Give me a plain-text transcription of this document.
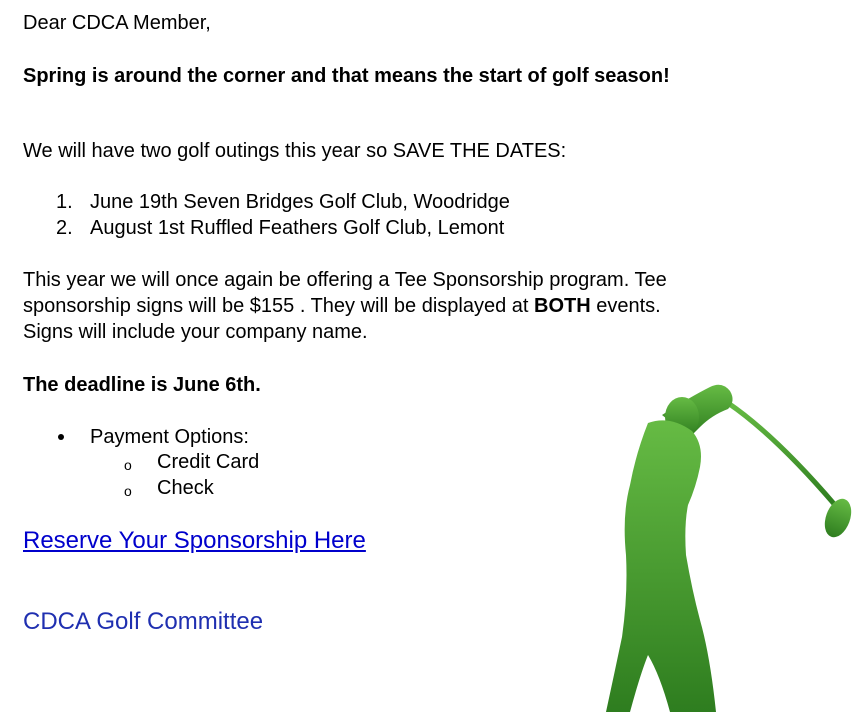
Dear CDCA Member,

Spring is around the corner and that means the start of golf season!

We will have two golf outings this year so SAVE THE DATES:

1. June 19th Seven Bridges Golf Club, Woodridge
2. August 1st Ruffled Feathers Golf Club, Lemont

This year we will once again be offering a Tee Sponsorship program. Tee

sponsorship signs will be $155 . They will be displayed at BOTH events.

Signs will include your company name.

The deadline is June 6th.

Payment Options:
o Credit Card
o Check
Reserve Your Sponsorship Here

CDCA Golf Committee
